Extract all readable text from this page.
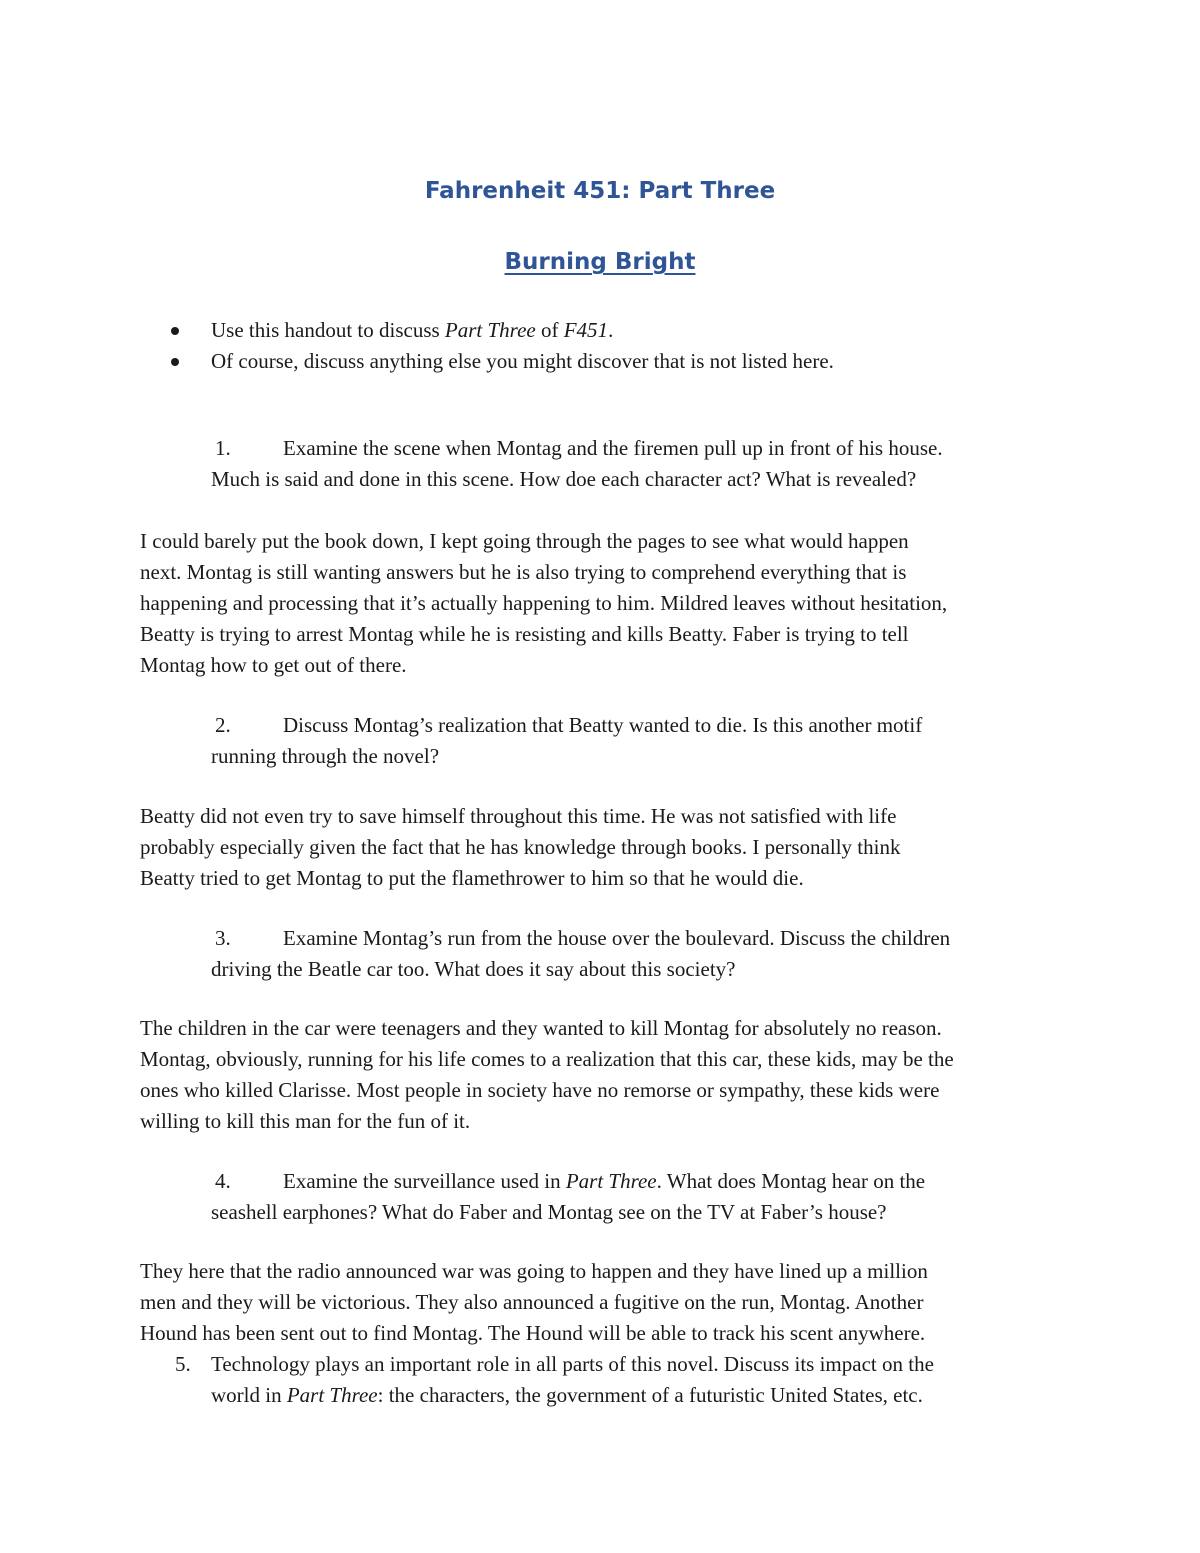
Fahrenheit 451: Part Three
Burning Bright
Use this handout to discuss Part Three of F451.
Of course, discuss anything else you might discover that is not listed here.
1. Examine the scene when Montag and the firemen pull up in front of his house.
Much is said and done in this scene. How doe each character act? What is revealed?
I could barely put the book down, I kept going through the pages to see what would happen
next. Montag is still wanting answers but he is also trying to comprehend everything that is
happening and processing that it’s actually happening to him. Mildred leaves without hesitation,
Beatty is trying to arrest Montag while he is resisting and kills Beatty. Faber is trying to tell
Montag how to get out of there.
2. Discuss Montag’s realization that Beatty wanted to die. Is this another motif
running through the novel?
Beatty did not even try to save himself throughout this time. He was not satisfied with life
probably especially given the fact that he has knowledge through books. I personally think
Beatty tried to get Montag to put the flamethrower to him so that he would die.
3. Examine Montag’s run from the house over the boulevard. Discuss the children
driving the Beatle car too. What does it say about this society?
The children in the car were teenagers and they wanted to kill Montag for absolutely no reason.
Montag, obviously, running for his life comes to a realization that this car, these kids, may be the
ones who killed Clarisse. Most people in society have no remorse or sympathy, these kids were
willing to kill this man for the fun of it.
4. Examine the surveillance used in Part Three. What does Montag hear on the
seashell earphones? What do Faber and Montag see on the TV at Faber’s house?
They here that the radio announced war was going to happen and they have lined up a million
men and they will be victorious. They also announced a fugitive on the run, Montag. Another
Hound has been sent out to find Montag. The Hound will be able to track his scent anywhere.
5. Technology plays an important role in all parts of this novel. Discuss its impact on the
world in Part Three: the characters, the government of a futuristic United States, etc.
